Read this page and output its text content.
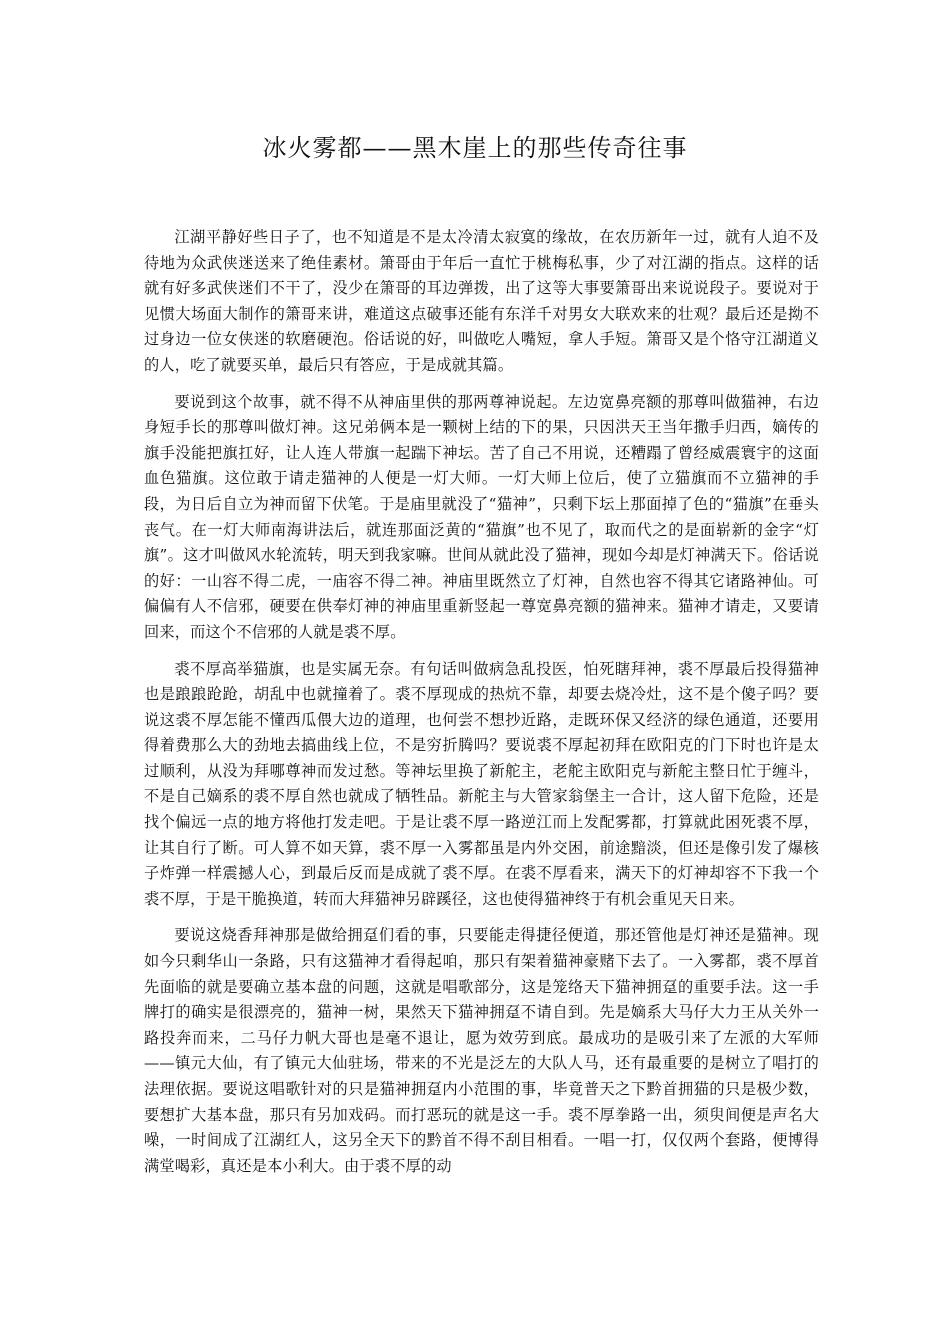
冰火雾都——黑木崖上的那些传奇往事

江湖平静好些日子了，也不知道是不是太冷清太寂寞的缘故，在农历新年一过，就有人迫不及待地为众武侠迷送来了绝佳素材。箫哥由于年后一直忙于桃梅私事，少了对江湖的指点。这样的话就有好多武侠迷们不干了，没少在箫哥的耳边弹拨，出了这等大事要箫哥出来说说段子。要说对于见惯大场面大制作的箫哥来讲，难道这点破事还能有东洋千对男女大联欢来的壮观？最后还是拗不过身边一位女侠迷的软磨硬泡。俗话说的好，叫做吃人嘴短，拿人手短。箫哥又是个恪守江湖道义的人，吃了就要买单，最后只有答应，于是成就其篇。

要说到这个故事，就不得不从神庙里供的那两尊神说起。左边宽鼻亮额的那尊叫做猫神，右边身短手长的那尊叫做灯神。这兄弟俩本是一颗树上结的下的果，只因洪天王当年撒手归西，嫡传的旗手没能把旗扛好，让人连人带旗一起踹下神坛。苦了自己不用说，还糟蹋了曾经威震寰宇的这面血色猫旗。这位敢于请走猫神的人便是一灯大师。一灯大师上位后，使了立猫旗而不立猫神的手段，为日后自立为神而留下伏笔。于是庙里就没了“猫神”，只剩下坛上那面掉了色的“猫旗”在垂头丧气。在一灯大师南海讲法后，就连那面泛黄的“猫旗”也不见了，取而代之的是面崭新的金字“灯旗”。这才叫做风水轮流转，明天到我家嘛。世间从就此没了猫神，现如今却是灯神满天下。俗话说的好：一山容不得二虎，一庙容不得二神。神庙里既然立了灯神，自然也容不得其它诸路神仙。可偏偏有人不信邪，硬要在供奉灯神的神庙里重新竖起一尊宽鼻亮额的猫神来。猫神才请走，又要请回来，而这个不信邪的人就是裘不厚。

裘不厚高举猫旗，也是实属无奈。有句话叫做病急乱投医，怕死瞎拜神，裘不厚最后投得猫神也是踉踉跄跄，胡乱中也就撞着了。裘不厚现成的热炕不靠，却要去烧冷灶，这不是个傻子吗？要说这裘不厚怎能不懂西瓜偎大边的道理，也何尝不想抄近路，走既环保又经济的绿色通道，还要用得着费那么大的劲地去搞曲线上位，不是穷折腾吗？要说裘不厚起初拜在欧阳克的门下时也许是太过顺利，从没为拜哪尊神而发过愁。等神坛里换了新舵主，老舵主欧阳克与新舵主整日忙于缠斗，不是自己嫡系的裘不厚自然也就成了牺牲品。新舵主与大管家翁堡主一合计，这人留下危险，还是找个偏远一点的地方将他打发走吧。于是让裘不厚一路逆江而上发配雾都，打算就此困死裘不厚，让其自行了断。可人算不如天算，裘不厚一入雾都虽是内外交困，前途黯淡，但还是像引发了爆核子炸弹一样震撼人心，到最后反而是成就了裘不厚。在裘不厚看来，满天下的灯神却容不下我一个裘不厚，于是干脆换道，转而大拜猫神另辟蹊径，这也使得猫神终于有机会重见天日来。

要说这烧香拜神那是做给拥趸们看的事，只要能走得捷径便道，那还管他是灯神还是猫神。现如今只剩华山一条路，只有这猫神才看得起咱，那只有架着猫神豪赌下去了。一入雾都，裘不厚首先面临的就是要确立基本盘的问题，这就是唱歌部分，这是笼络天下猫神拥趸的重要手法。这一手牌打的确实是很漂亮的，猫神一树，果然天下猫神拥趸不请自到。先是嫡系大马仔大力王从关外一路投奔而来，二马仔力帆大哥也是毫不退让，愿为效劳到底。最成功的是吸引来了左派的大军师——镇元大仙，有了镇元大仙驻场，带来的不光是泛左的大队人马，还有最重要的是树立了唱打的法理依据。要说这唱歌针对的只是猫神拥趸内小范围的事，毕竟普天之下黔首拥猫的只是极少数，要想扩大基本盘，那只有另加戏码。而打恶玩的就是这一手。裘不厚拳路一出，须臾间便是声名大噪，一时间成了江湖红人，这另全天下的黔首不得不刮目相看。一唱一打，仅仅两个套路，便博得满堂喝彩，真还是本小利大。由于裘不厚的动
